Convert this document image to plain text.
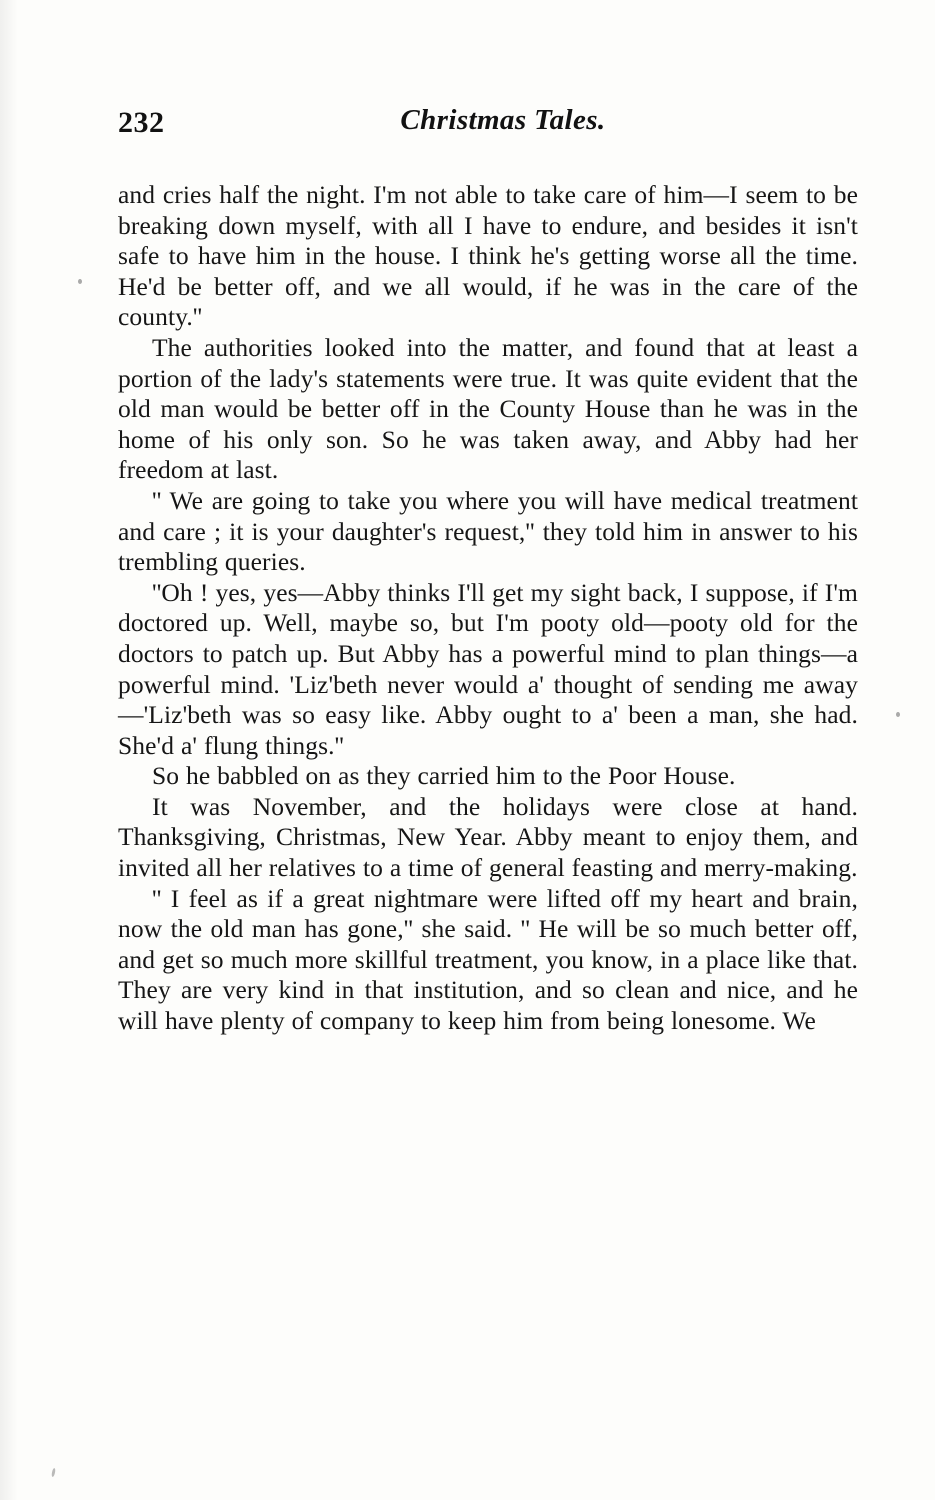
232	Christmas Tales.

and cries half the night. I'm not able to take care of him—I seem to be breaking down myself, with all I have to endure, and besides it isn't safe to have him in the house. I think he's getting worse all the time. He'd be better off, and we all would, if he was in the care of the county.''

The authorities looked into the matter, and found that at least a portion of the lady's statements were true. It was quite evident that the old man would be better off in the County House than he was in the home of his only son. So he was taken away, and Abby had her freedom at last.

'' We are going to take you where you will have medical treatment and care ; it is your daughter's request,'' they told him in answer to his trembling queries.

''Oh ! yes, yes—Abby thinks I'll get my sight back, I suppose, if I'm doctored up. Well, maybe so, but I'm pooty old—pooty old for the doctors to patch up. But Abby has a powerful mind to plan things—a powerful mind. 'Liz'beth never would a' thought of sending me away—'Liz'beth was so easy like. Abby ought to a' been a man, she had. She'd a' flung things.''

So he babbled on as they carried him to the Poor House.

It was November, and the holidays were close at hand. Thanksgiving, Christmas, New Year. Abby meant to enjoy them, and invited all her relatives to a time of general feasting and merry-making.

'' I feel as if a great nightmare were lifted off my heart and brain, now the old man has gone,'' she said. '' He will be so much better off, and get so much more skillful treatment, you know, in a place like that. They are very kind in that institution, and so clean and nice, and he will have plenty of company to keep him from being lonesome. We
